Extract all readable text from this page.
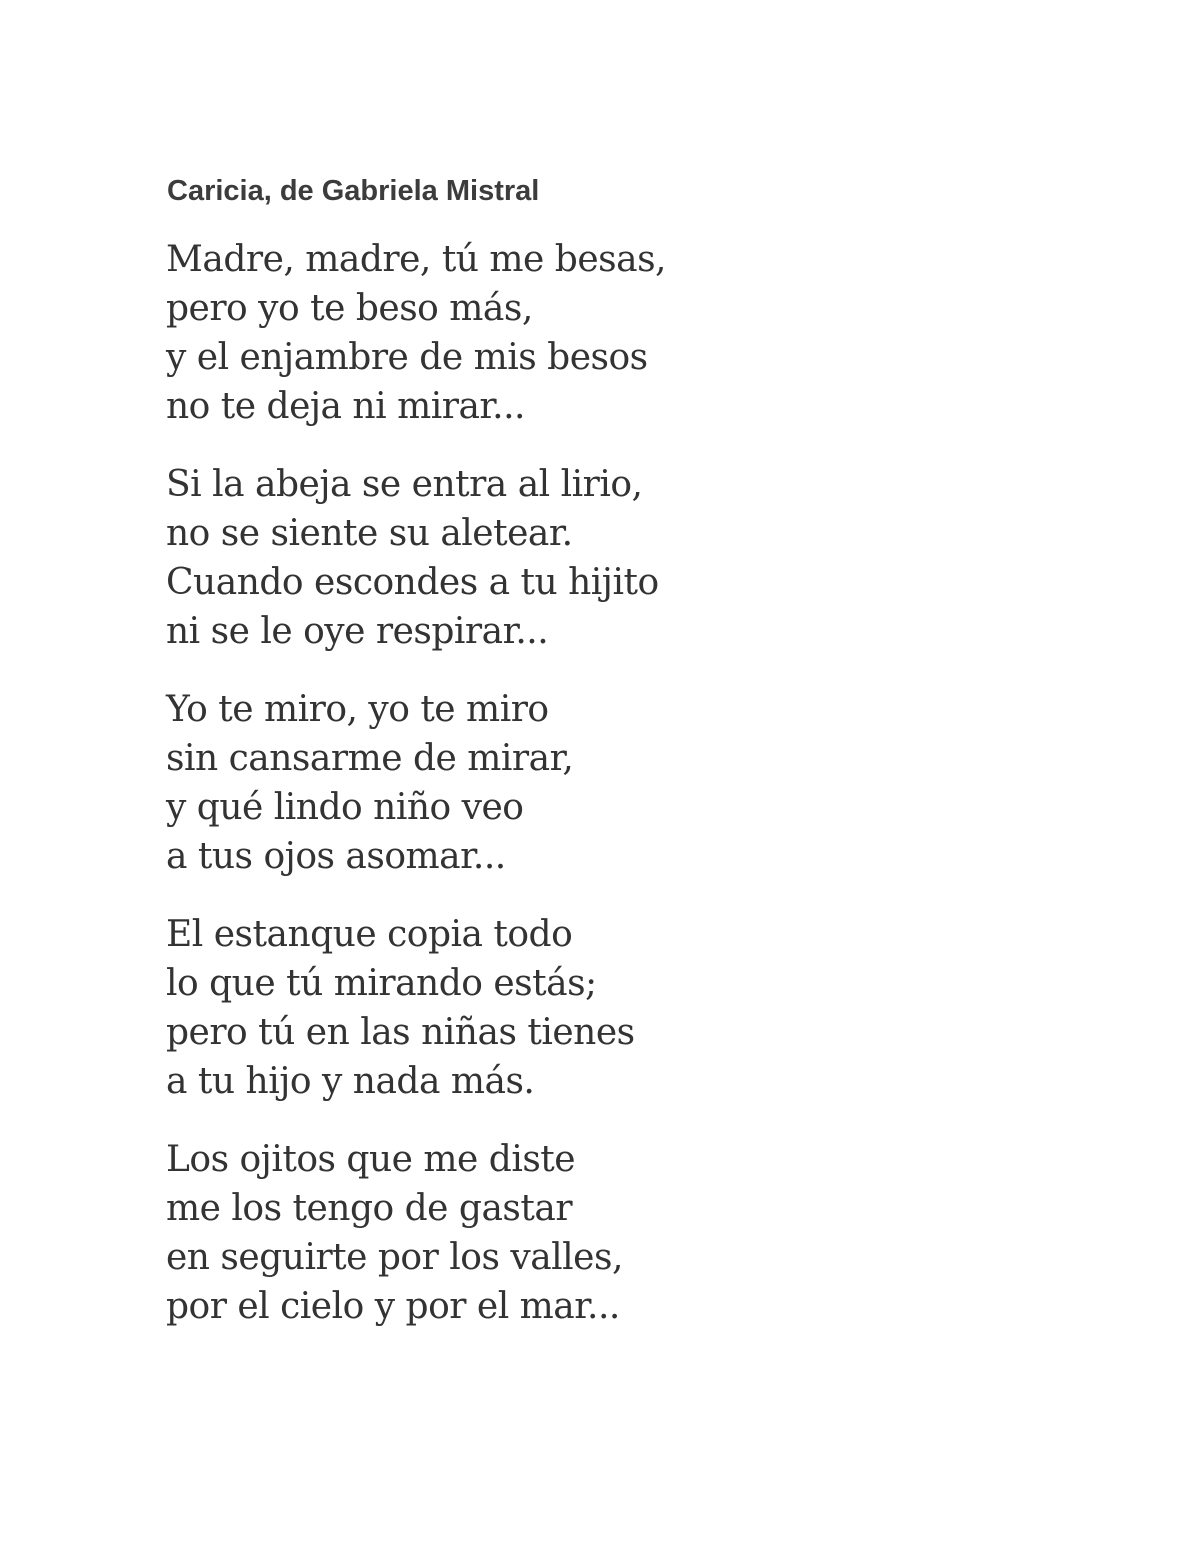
Caricia, de Gabriela Mistral
Madre, madre, tú me besas,
pero yo te beso más,
y el enjambre de mis besos
no te deja ni mirar...
Si la abeja se entra al lirio,
no se siente su aletear.
Cuando escondes a tu hijito
ni se le oye respirar...
Yo te miro, yo te miro
sin cansarme de mirar,
y qué lindo niño veo
a tus ojos asomar...
El estanque copia todo
lo que tú mirando estás;
pero tú en las niñas tienes
a tu hijo y nada más.
Los ojitos que me diste
me los tengo de gastar
en seguirte por los valles,
por el cielo y por el mar...
